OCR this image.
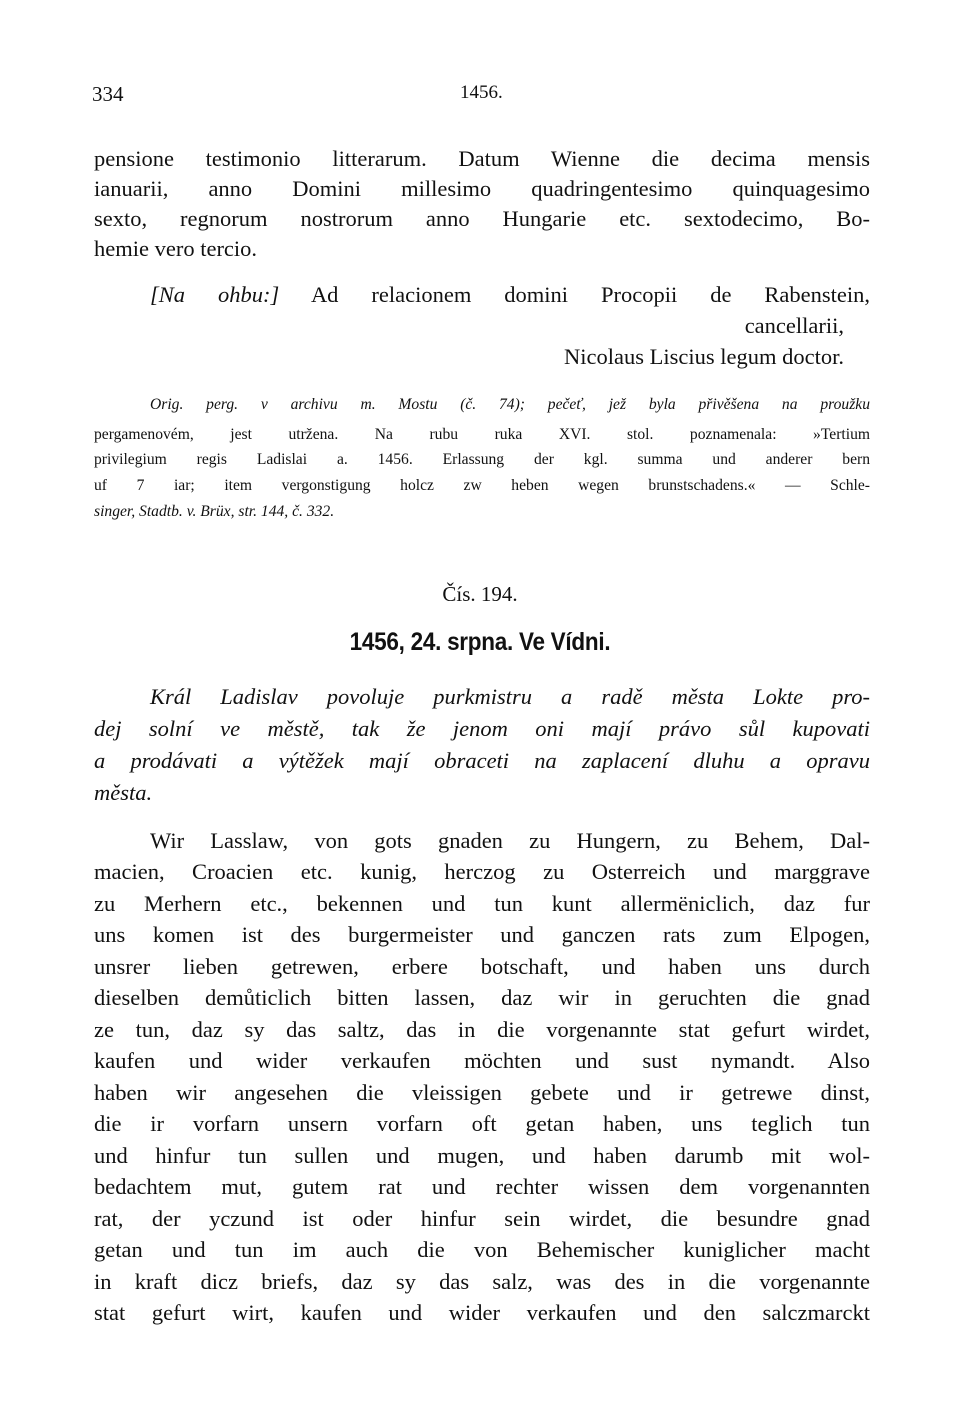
334	1456.
pensione testimonio litterarum. Datum Wienne die decima mensis
ianuarii, anno Domini millesimo quadringentesimo quinquagesimo
sexto, regnorum nostrorum anno Hungarie etc. sextodecimo, Bo-
hemie vero tercio.
[Na ohbu:] Ad relacionem domini Procopii de Rabenstein,
cancellarii,
Nicolaus Liscius legum doctor.
Orig. perg. v archivu m. Mostu (č. 74); pečeť, jež byla přivěšena na proužku
pergamenovém, jest utržena. Na rubu ruka XVI. stol. poznamenala: »Tertium
privilegium regis Ladislai a. 1456. Erlassung der kgl. summa und anderer bern
uf 7 iar; item vergonstigung holcz zw heben wegen brunstschadens.« — Schle-
singer, Stadtb. v. Brüx, str. 144, č. 332.
Čís. 194.
1456, 24. srpna. Ve Vídni.
Král Ladislav povoluje purkmistru a radě města Lokte pro-
dej solní ve městě, tak že jenom oni mají právo sůl kupovati
a prodávati a výtěžek mají obraceti na zaplacení dluhu a opravu
města.
Wir Lasslaw, von gots gnaden zu Hungern, zu Behem, Dal-
macien, Croacien etc. kunig, herczog zu Osterreich und marggrave
zu Merhern etc., bekennen und tun kunt allermëniclich, daz fur
uns komen ist des burgermeister und ganczen rats zum Elpogen,
unsrer lieben getrewen, erbere botschaft, und haben uns durch
dieselben demůticlich bitten lassen, daz wir in geruchten die gnad
ze tun, daz sy das saltz, das in die vorgenannte stat gefurt wirdet,
kaufen und wider verkaufen möchten und sust nymandt. Also
haben wir angesehen die vleissigen gebete und ir getrewe dinst,
die ir vorfarn unsern vorfarn oft getan haben, uns teglich tun
und hinfur tun sullen und mugen, und haben darumb mit wol-
bedachtem mut, gutem rat und rechter wissen dem vorgenannten
rat, der yczund ist oder hinfur sein wirdet, die besundre gnad
getan und tun im auch die von Behemischer kuniglicher macht
in kraft dicz briefs, daz sy das salz, was des in die vorgenannte
stat gefurt wirt, kaufen und wider verkaufen und den salczmarckt
